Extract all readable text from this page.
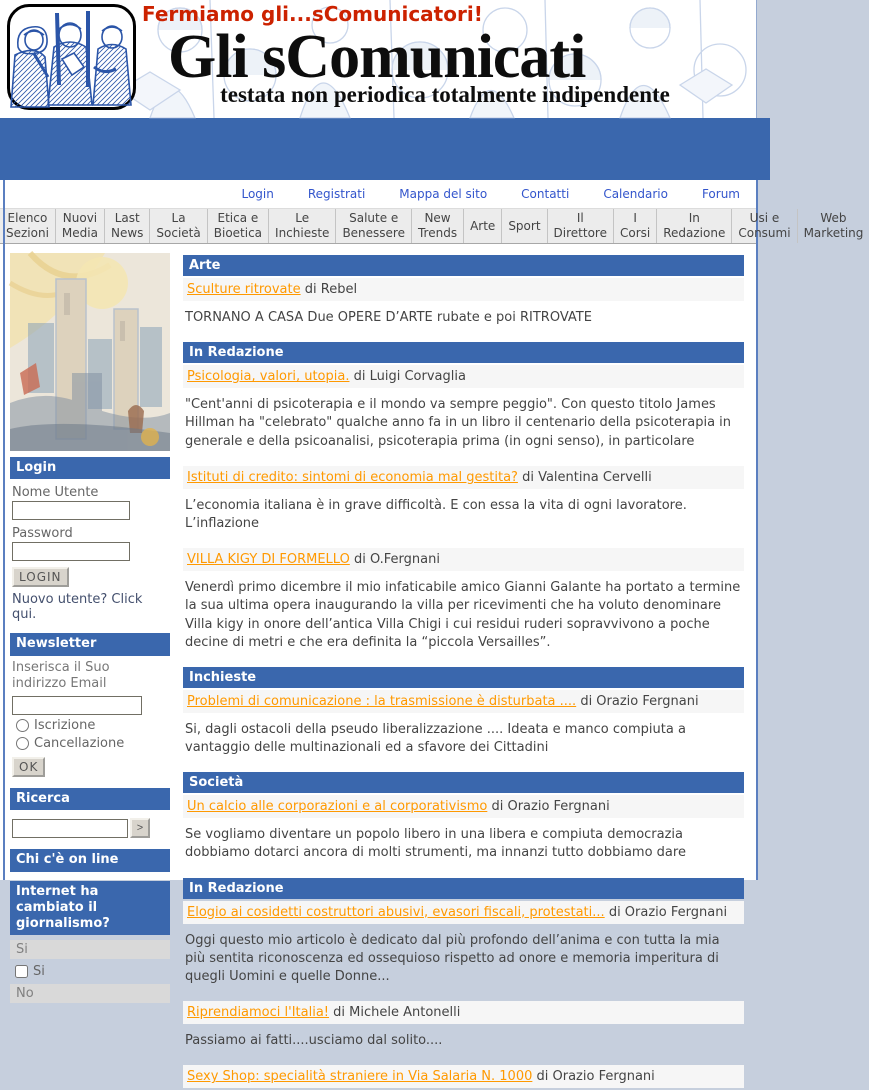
Fermiamo gli...sComunicatori!
Gli sComunicati
testata non periodica totalmente indipendente
Login	Registrati	Mappa del sito	Contatti	Calendario	Forum
Elenco
Sezioni
Nuovi
Media
Last
News
La
Società
Etica e
Bioetica
Le
Inchieste
Salute e
Benessere
New
Trends
Arte	Sport
Il
Direttore
I
Corsi
In
Redazione
Usi e
Consumi
Web
Marketing
Login
Nome Utente
Password
LOGIN
Nuovo utente? Click qui.
Newsletter
Inserisca il Suo indirizzo Email
Iscrizione
Cancellazione
OK
Ricerca
>
Chi c'è on line
Internet ha cambiato il giornalismo?
Si
Si
No
Arte
Sculture ritrovate di Rebel
TORNANO A CASA Due OPERE D’ARTE rubate e poi RITROVATE
In Redazione
Psicologia, valori, utopia. di Luigi Corvaglia
"Cent'anni di psicoterapia e il mondo va sempre peggio". Con questo titolo James Hillman ha "celebrato" qualche anno fa in un libro il centenario della psicoterapia in generale e della psicoanalisi, psicoterapia prima (in ogni senso), in particolare
Istituti di credito: sintomi di economia mal gestita? di Valentina Cervelli
L’economia italiana è in grave difficoltà. E con essa la vita di ogni lavoratore. L’inflazione
VILLA KIGY DI FORMELLO di O.Fergnani
Venerdì primo dicembre il mio infaticabile amico Gianni Galante ha portato a termine la sua ultima opera inaugurando la villa per ricevimenti che ha voluto denominare Villa kigy in onore dell’antica Villa Chigi i cui residui ruderi sopravvivono a poche decine di metri e che era definita la “piccola Versailles”.
Inchieste
Problemi di comunicazione : la trasmissione è disturbata .... di Orazio Fergnani
Si, dagli ostacoli della pseudo liberalizzazione .... Ideata e manco compiuta a vantaggio delle multinazionali ed a sfavore dei Cittadini
Società
Un calcio alle corporazioni e al corporativismo di Orazio Fergnani
Se vogliamo diventare un popolo libero in una libera e compiuta democrazia dobbiamo dotarci ancora di molti strumenti, ma innanzi tutto dobbiamo dare
In Redazione
Elogio ai cosidetti costruttori abusivi, evasori fiscali, protestati... di Orazio Fergnani
Oggi questo mio articolo è dedicato dal più profondo dell’anima e con tutta la mia più sentita riconoscenza ed ossequioso rispetto ad onore e memoria imperitura di quegli Uomini e quelle Donne...
Riprendiamoci l'Italia! di Michele Antonelli
Passiamo ai fatti....usciamo dal solito....
Sexy Shop: specialità straniere in Via Salaria N. 1000 di Orazio Fergnani
